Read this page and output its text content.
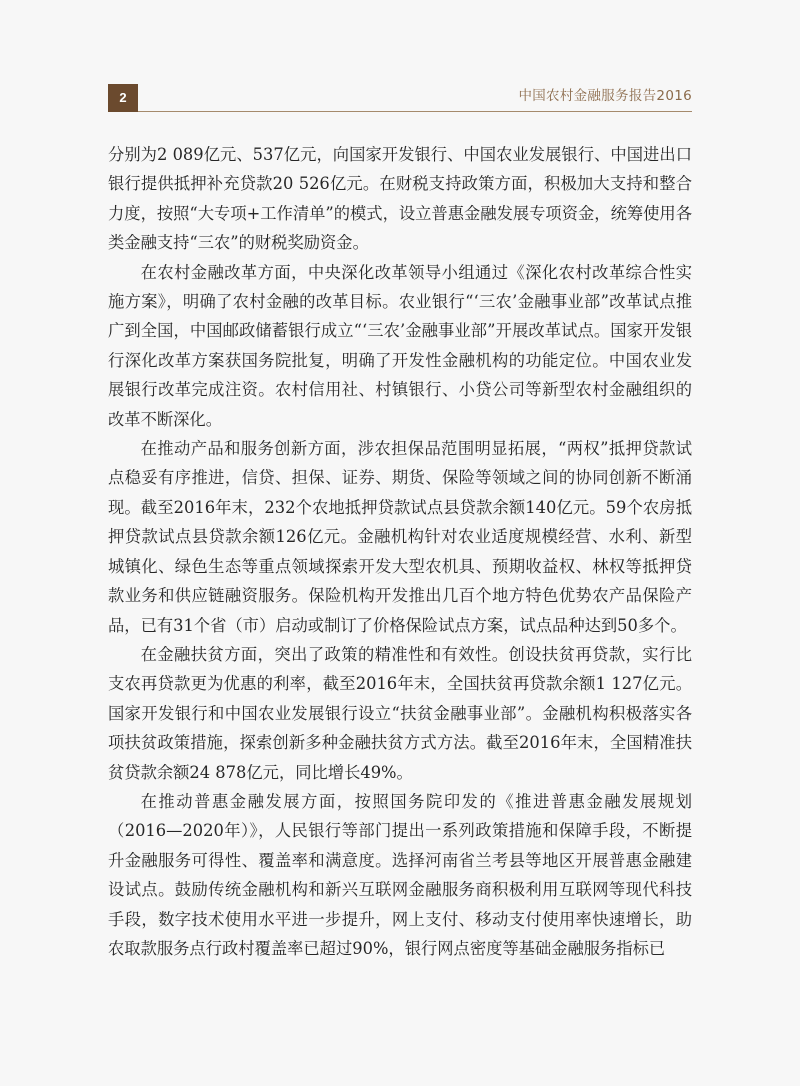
2	中国农村金融服务报告2016

分别为2 089亿元、537亿元，向国家开发银行、中国农业发展银行、中国进出口银行提供抵押补充贷款20 526亿元。在财税支持政策方面，积极加大支持和整合力度，按照“大专项+工作清单”的模式，设立普惠金融发展专项资金，统筹使用各类金融支持“三农”的财税奖励资金。

在农村金融改革方面，中央深化改革领导小组通过《深化农村改革综合性实施方案》，明确了农村金融的改革目标。农业银行“‘三农’金融事业部”改革试点推广到全国，中国邮政储蓄银行成立“‘三农’金融事业部”开展改革试点。国家开发银行深化改革方案获国务院批复，明确了开发性金融机构的功能定位。中国农业发展银行改革完成注资。农村信用社、村镇银行、小贷公司等新型农村金融组织的改革不断深化。

在推动产品和服务创新方面，涉农担保品范围明显拓展，“两权”抵押贷款试点稳妥有序推进，信贷、担保、证券、期货、保险等领域之间的协同创新不断涌现。截至2016年末，232个农地抵押贷款试点县贷款余额140亿元。59个农房抵押贷款试点县贷款余额126亿元。金融机构针对农业适度规模经营、水利、新型城镇化、绿色生态等重点领域探索开发大型农机具、预期收益权、林权等抵押贷款业务和供应链融资服务。保险机构开发推出几百个地方特色优势农产品保险产品，已有31个省（市）启动或制订了价格保险试点方案，试点品种达到50多个。

在金融扶贫方面，突出了政策的精准性和有效性。创设扶贫再贷款，实行比支农再贷款更为优惠的利率，截至2016年末，全国扶贫再贷款余额1 127亿元。国家开发银行和中国农业发展银行设立“扶贫金融事业部”。金融机构积极落实各项扶贫政策措施，探索创新多种金融扶贫方式方法。截至2016年末，全国精准扶贫贷款余额24 878亿元，同比增长49%。

在推动普惠金融发展方面，按照国务院印发的《推进普惠金融发展规划（2016—2020年）》，人民银行等部门提出一系列政策措施和保障手段，不断提升金融服务可得性、覆盖率和满意度。选择河南省兰考县等地区开展普惠金融建设试点。鼓励传统金融机构和新兴互联网金融服务商积极利用互联网等现代科技手段，数字技术使用水平进一步提升，网上支付、移动支付使用率快速增长，助农取款服务点行政村覆盖率已超过90%，银行网点密度等基础金融服务指标已
